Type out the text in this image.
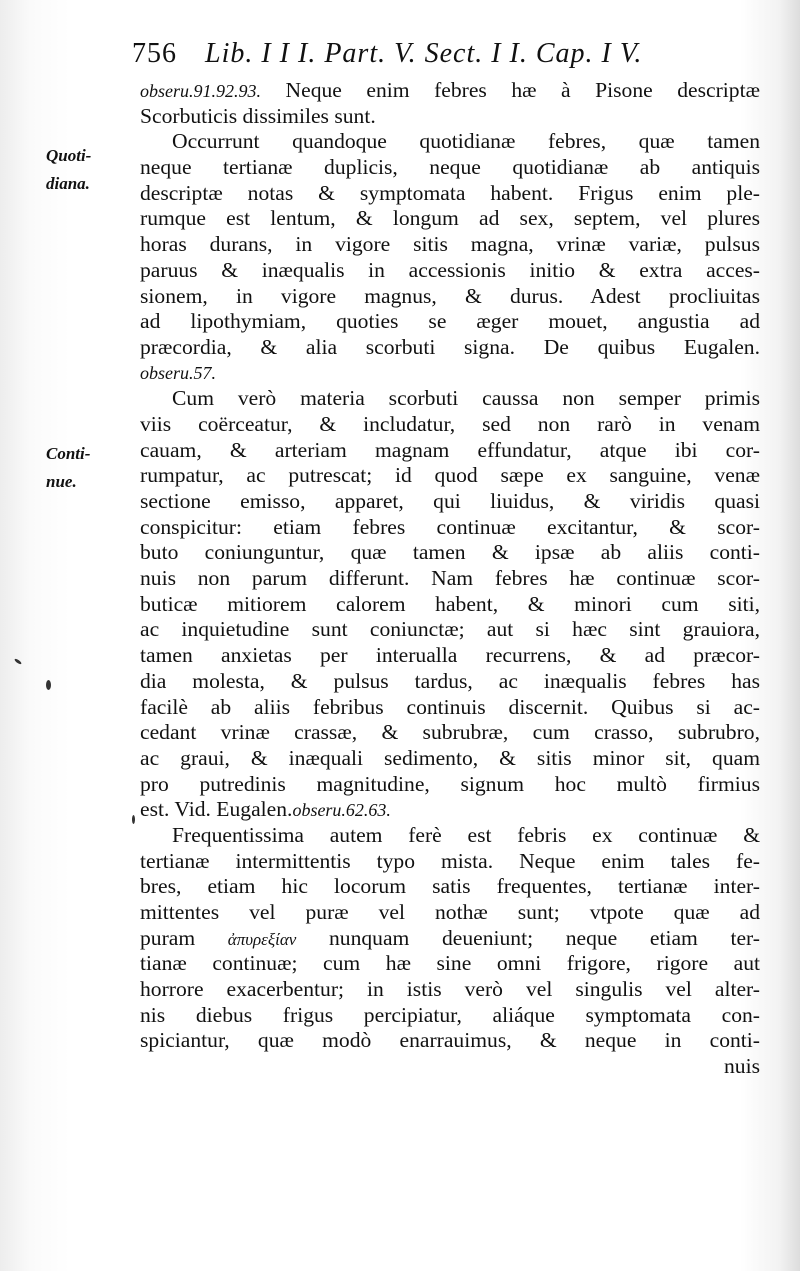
756 Lib. I I I. Part. V. Sect. I I. Cap. I V.
Quoti-
diana.
Conti-
nue.
obseru.91.92.93. Neque enim febres hæ à Pisone descriptæ
Scorbuticis dissimiles sunt.
Occurrunt quandoque quotidianæ febres, quæ tamen
neque tertianæ duplicis, neque quotidianæ ab antiquis
descriptæ notas & symptomata habent. Frigus enim ple-
rumque est lentum, & longum ad sex, septem, vel plures
horas durans, in vigore sitis magna, vrinæ variæ, pulsus
paruus & inæqualis in accessionis initio & extra acces-
sionem, in vigore magnus, & durus. Adest procliuitas
ad lipothymiam, quoties se æger mouet, angustia ad
præcordia, & alia scorbuti signa. De quibus Eugalen.
obseru.57.
Cum verò materia scorbuti caussa non semper primis
viis coërceatur, & includatur, sed non rarò in venam
cauam, & arteriam magnam effundatur, atque ibi cor-
rumpatur, ac putrescat; id quod sæpe ex sanguine, venæ
sectione emisso, apparet, qui liuidus, & viridis quasi
conspicitur: etiam febres continuæ excitantur, & scor-
buto coniunguntur, quæ tamen & ipsæ ab aliis conti-
nuis non parum differunt. Nam febres hæ continuæ scor-
buticæ mitiorem calorem habent, & minori cum siti,
ac inquietudine sunt coniunctæ; aut si hæc sint grauiora,
tamen anxietas per interualla recurrens, & ad præcor-
dia molesta, & pulsus tardus, ac inæqualis febres has
facilè ab aliis febribus continuis discernit. Quibus si ac-
cedant vrinæ crassæ, & subrubræ, cum crasso, subrubro,
ac graui, & inæquali sedimento, & sitis minor sit, quam
pro putredinis magnitudine, signum hoc multò firmius
est. Vid. Eugalen.obseru.62.63.
Frequentissima autem ferè est febris ex continuæ &
tertianæ intermittentis typo mista. Neque enim tales fe-
bres, etiam hic locorum satis frequentes, tertianæ inter-
mittentes vel puræ vel nothæ sunt; vtpote quæ ad
puram ἀπυρεξίαν nunquam deueniunt; neque etiam ter-
tianæ continuæ; cum hæ sine omni frigore, rigore aut
horrore exacerbentur; in istis verò vel singulis vel alter-
nis diebus frigus percipiatur, aliáque symptomata con-
spiciantur, quæ modò enarrauimus, & neque in conti-
nuis
